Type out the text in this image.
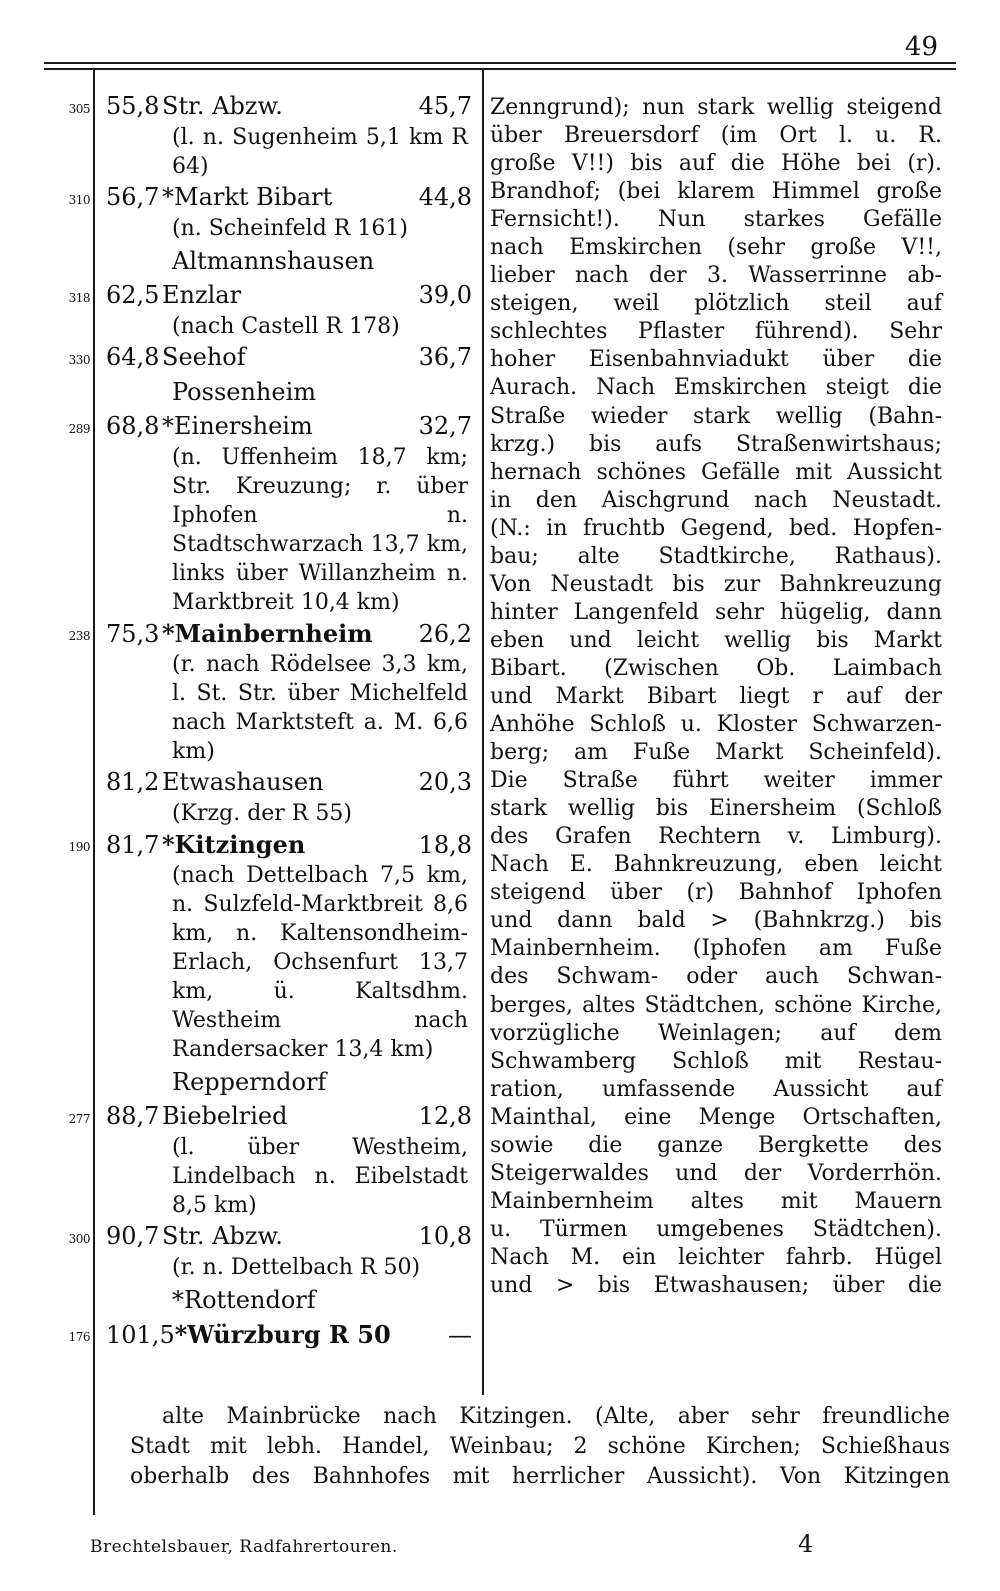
49
305 55,8 Str. Abzw.	45,7
(l. n. Sugenheim 5,1 km R 64)
310 56,7 *Markt Bibart	44,8
(n. Scheinfeld R 161)
Altmannshausen
318 62,5 Enzlar	39,0
(nach Castell R 178)
330 64,8 Seehof	36,7
Possenheim
289 68,8 *Einersheim	32,7
(n. Uffenheim 18,7 km; Str. Kreuzung; r. über Iphofen n. Stadtschwarzach 13,7 km, links über Willanzheim n. Marktbreit 10,4 km)
238 75,3 *Mainbernheim	26,2
(r. nach Rödelsee 3,3 km, l. St. Str. über Michelfeld nach Marktsteft a. M. 6,6 km)
81,2 Etwashausen	20,3
(Krzg. der R 55)
190 81,7 *Kitzingen	18,8
(nach Dettelbach 7,5 km, n. Sulzfeld-Marktbreit 8,6 km, n. Kaltensondheim-Erlach, Ochsenfurt 13,7 km, ü. Kaltsdhm. Westheim nach Randersacker 13,4 km)
Repperndorf
277 88,7 Biebelried	12,8
(l. über Westheim, Lindelbach n. Eibelstadt 8,5 km)
300 90,7 Str. Abzw.	10,8
(r. n. Dettelbach R 50)
*Rottendorf
176 101,5 *Würzburg R 50	—
Zenngrund); nun stark wellig steigend
über Breuersdorf (im Ort l. u. R.
große V!!) bis auf die Höhe bei (r).
Brandhof; (bei klarem Himmel große
Fernsicht!). Nun starkes Gefälle
nach Emskirchen (sehr große V!!,
lieber nach der 3. Wasserrinne ab-
steigen, weil plötzlich steil auf
schlechtes Pflaster führend). Sehr
hoher Eisenbahnviadukt über die
Aurach. Nach Emskirchen steigt die
Straße wieder stark wellig (Bahn-
krzg.) bis aufs Straßenwirtshaus;
hernach schönes Gefälle mit Aussicht
in den Aischgrund nach Neustadt.
(N.: in fruchtb Gegend, bed. Hopfen-
bau; alte Stadtkirche, Rathaus).
Von Neustadt bis zur Bahnkreuzung
hinter Langenfeld sehr hügelig, dann
eben und leicht wellig bis Markt
Bibart. (Zwischen Ob. Laimbach
und Markt Bibart liegt r auf der
Anhöhe Schloß u. Kloster Schwarzen-
berg; am Fuße Markt Scheinfeld).
Die Straße führt weiter immer
stark wellig bis Einersheim (Schloß
des Grafen Rechtern v. Limburg).
Nach E. Bahnkreuzung, eben leicht
steigend über (r) Bahnhof Iphofen
und dann bald > (Bahnkrzg.) bis
Mainbernheim. (Iphofen am Fuße
des Schwam- oder auch Schwan-
berges, altes Städtchen, schöne Kirche,
vorzügliche Weinlagen; auf dem
Schwamberg Schloß mit Restau-
ration, umfassende Aussicht auf
Mainthal, eine Menge Ortschaften,
sowie die ganze Bergkette des
Steigerwaldes und der Vorderrhön.
Mainbernheim altes mit Mauern
u. Türmen umgebenes Städtchen).
Nach M. ein leichter fahrb. Hügel
und > bis Etwashausen; über die
alte Mainbrücke nach Kitzingen. (Alte, aber sehr freundliche
Stadt mit lebh. Handel, Weinbau; 2 schöne Kirchen; Schießhaus
oberhalb des Bahnhofes mit herrlicher Aussicht). Von Kitzingen
Brechtelsbauer, Radfahrertouren.	4
